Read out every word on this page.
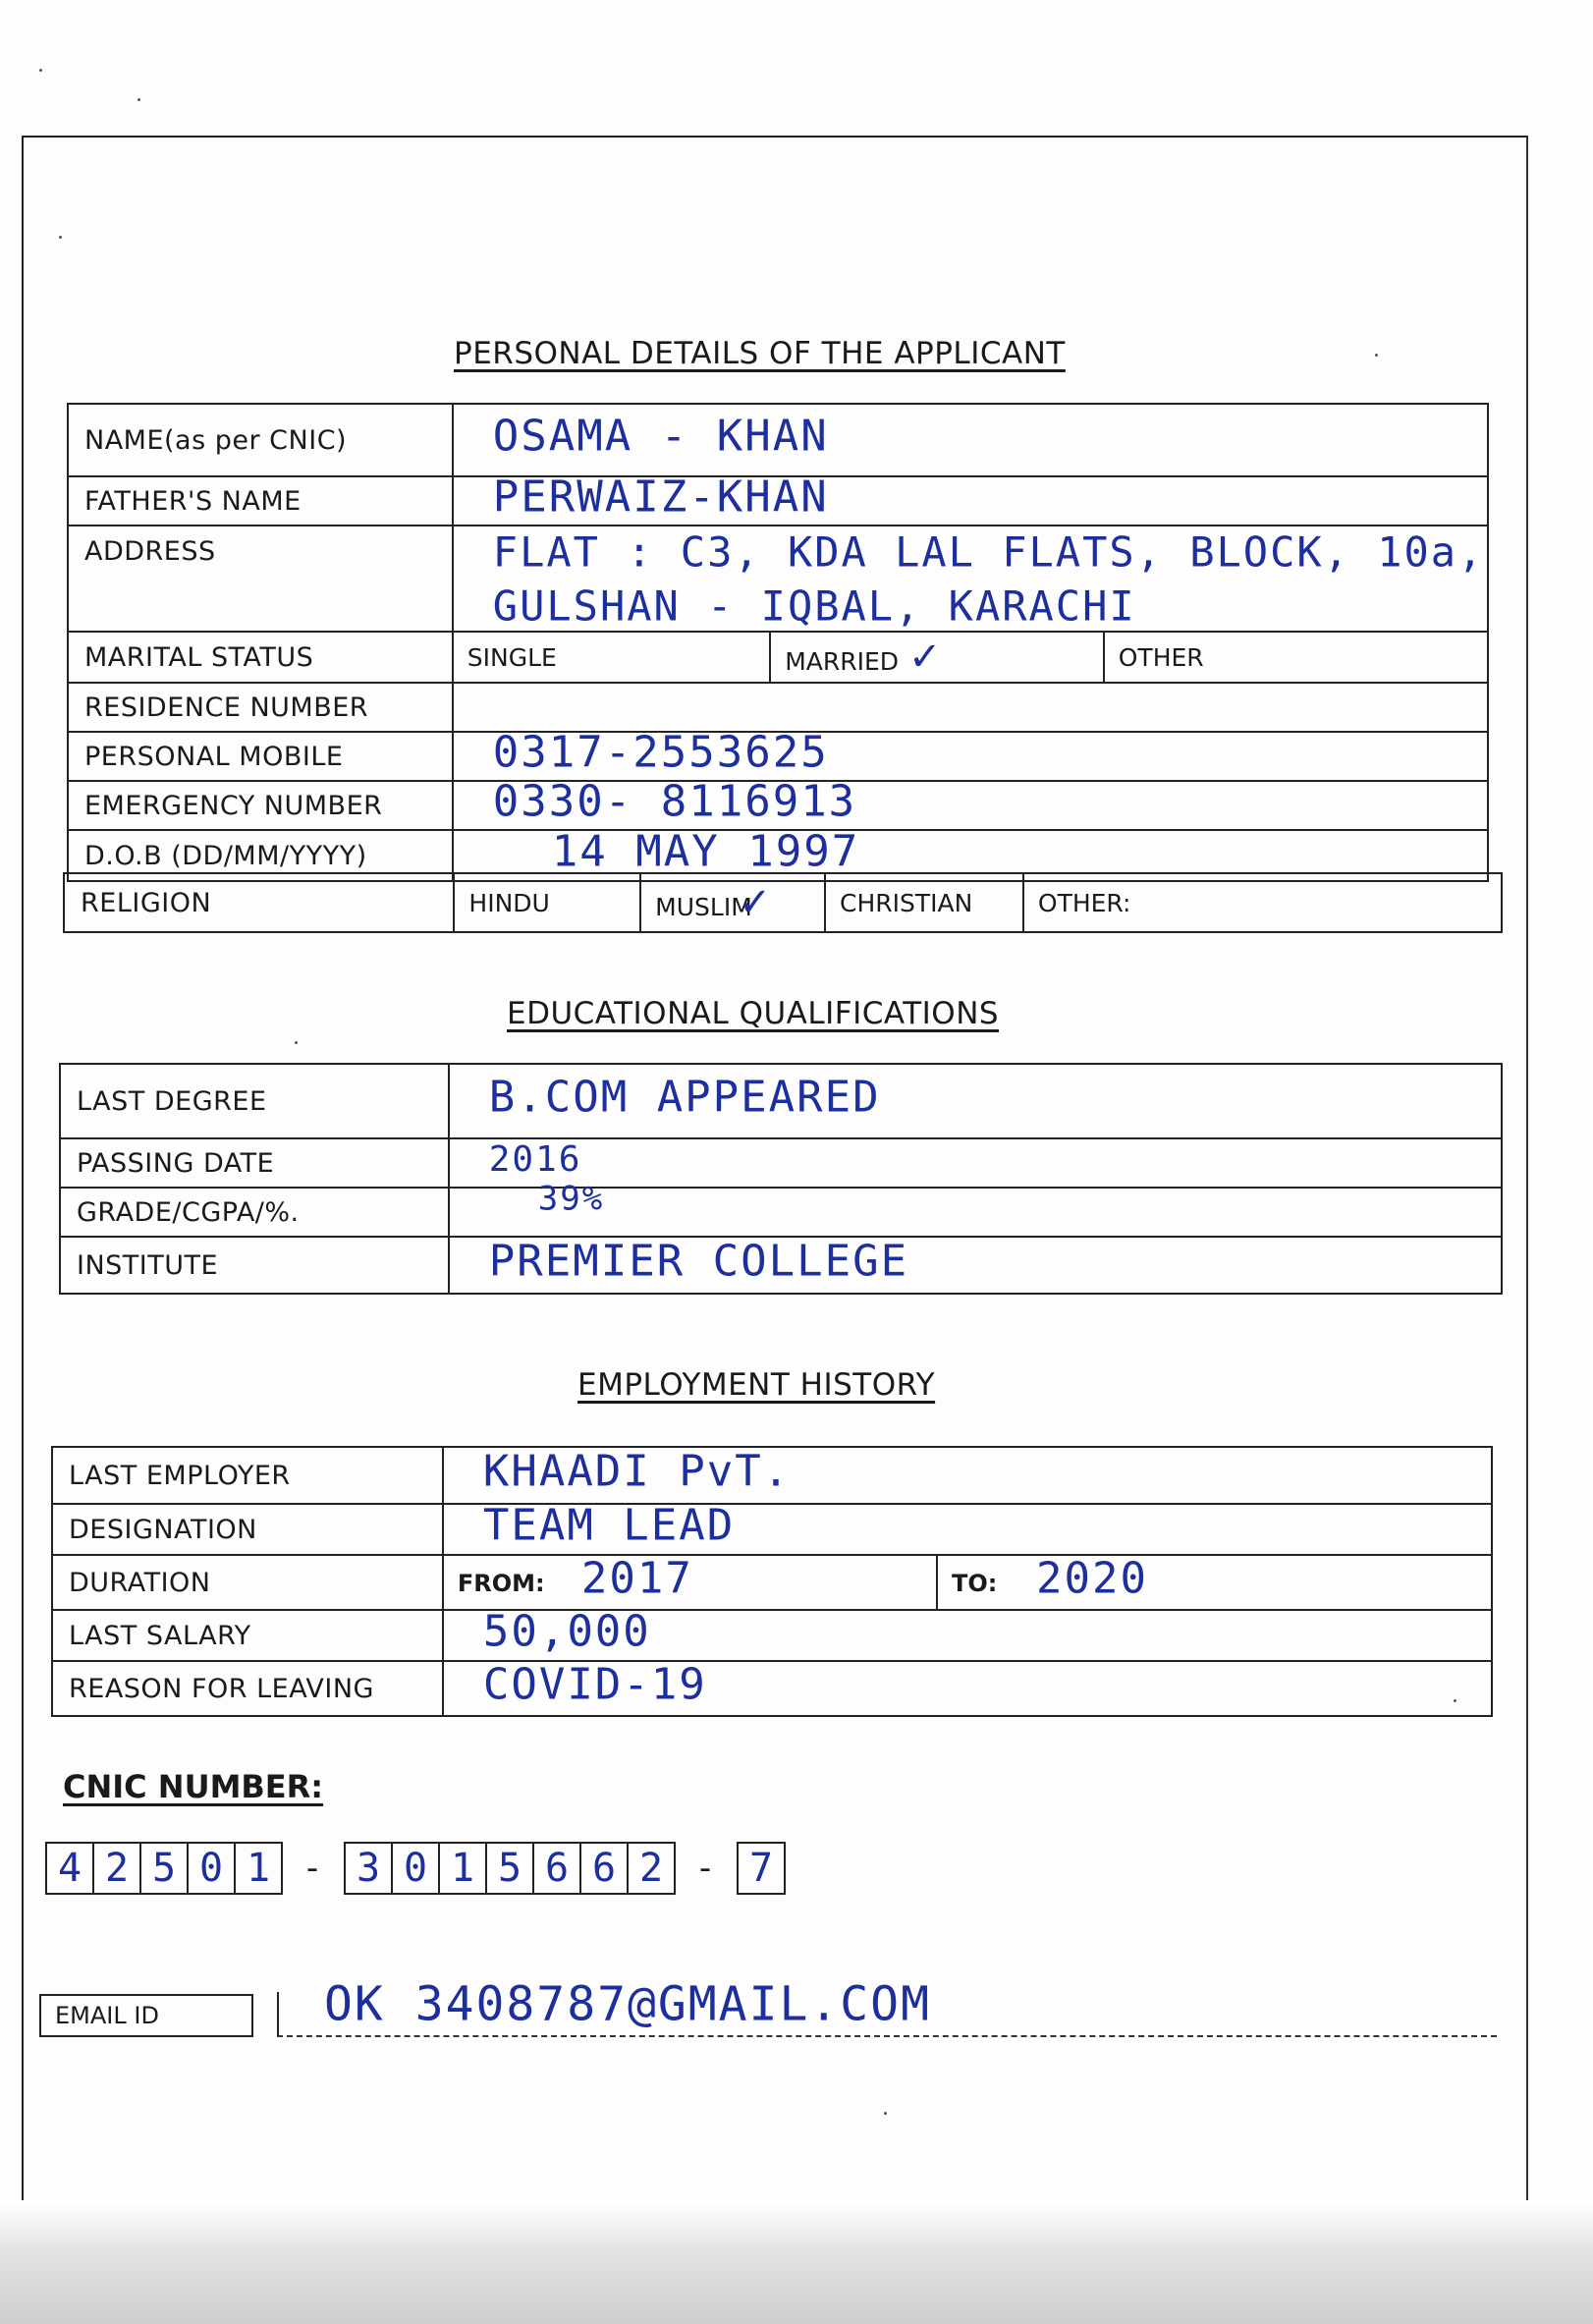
PERSONAL DETAILS OF THE APPLICANT
NAME(as per CNIC)	OSAMA - KHAN		

FATHER'S NAME	PERWAIZ-KHAN		

ADDRESS	FLAT : C3, KDA LAL FLATS, BLOCK, 10a,
GULSHAN - IQBAL, KARACHI		

MARITAL STATUS	SINGLE	MARRIED ✓	OTHER
RESIDENCE NUMBER			
PERSONAL MOBILE	0317-2553625		

EMERGENCY NUMBER	0330- 8116913		

D.O.B (DD/MM/YYYY)	14 MAY 1997		
RELIGION	HINDU	MUSLIM✓	CHRISTIAN	OTHER:
EDUCATIONAL QUALIFICATIONS
LAST DEGREE	B.COM APPEARED

PASSING DATE	2016

GRADE/CGPA/%.	39%

INSTITUTE	PREMIER COLLEGE
EMPLOYMENT HISTORY
LAST EMPLOYER	KHAADI PvT.	

DESIGNATION	TEAM LEAD	

DURATION	FROM: 2017	TO: 2020

LAST SALARY	50,000	

REASON FOR LEAVING	COVID-19	
CNIC NUMBER:
4 2 5 0 1	- 3 0 1 5 6 6 2	- 7
EMAIL ID	OK 3408787@GMAIL.COM
